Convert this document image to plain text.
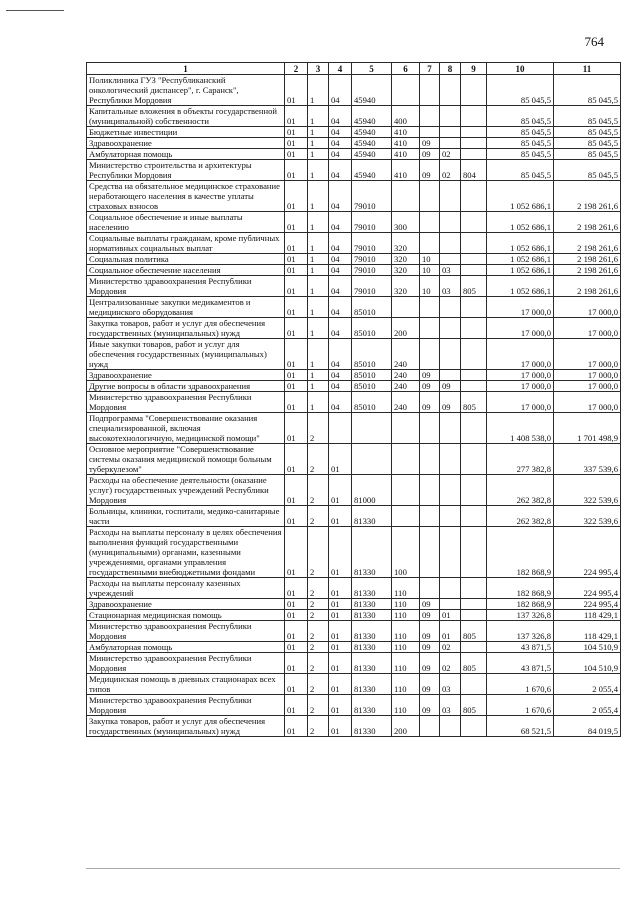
764
1	2	3	4	5	6	7	8	9	10	11
Поликлиника ГУЗ "Республиканский онкологический диспансер", г. Саранск", Республики Мордовия	01	1	04	45940					85 045,5	85 045,5
Капитальные вложения в объекты государственной (муниципальной) собственности	01	1	04	45940	400				85 045,5	85 045,5
Бюджетные инвестиции	01	1	04	45940	410				85 045,5	85 045,5
Здравоохранение	01	1	04	45940	410	09			85 045,5	85 045,5
Амбулаторная помощь	01	1	04	45940	410	09	02		85 045,5	85 045,5
Министерство строительства и архитектуры Республики Мордовия	01	1	04	45940	410	09	02	804	85 045,5	85 045,5
Средства на обязательное медицинское страхование неработающего населения в качестве уплаты страховых взносов	01	1	04	79010					1 052 686,1	2 198 261,6
Социальное обеспечение и иные выплаты населению	01	1	04	79010	300				1 052 686,1	2 198 261,6
Социальные выплаты гражданам, кроме публичных нормативных социальных выплат	01	1	04	79010	320				1 052 686,1	2 198 261,6
Социальная политика	01	1	04	79010	320	10			1 052 686,1	2 198 261,6
Социальное обеспечение населения	01	1	04	79010	320	10	03		1 052 686,1	2 198 261,6
Министерство здравоохранения Республики Мордовия	01	1	04	79010	320	10	03	805	1 052 686,1	2 198 261,6
Централизованные закупки медикаментов и медицинского оборудования	01	1	04	85010					17 000,0	17 000,0
Закупка товаров, работ и услуг для обеспечения государственных (муниципальных) нужд	01	1	04	85010	200				17 000,0	17 000,0
Иные закупки товаров, работ и услуг для обеспечения государственных (муниципальных) нужд	01	1	04	85010	240				17 000,0	17 000,0
Здравоохранение	01	1	04	85010	240	09			17 000,0	17 000,0
Другие вопросы в области здравоохранения	01	1	04	85010	240	09	09		17 000,0	17 000,0
Министерство здравоохранения Республики Мордовия	01	1	04	85010	240	09	09	805	17 000,0	17 000,0
Подпрограмма "Совершенствование оказания специализированной, включая высокотехнологичную, медицинской помощи"	01	2							1 408 538,0	1 701 498,9
Основное мероприятие "Совершенствование системы оказания медицинской помощи больным туберкулезом"	01	2	01						277 382,8	337 539,6
Расходы на обеспечение деятельности (оказание услуг) государственных учреждений Республики Мордовия	01	2	01	81000					262 382,8	322 539,6
Больницы, клиники, госпитали, медико-санитарные части	01	2	01	81330					262 382,8	322 539,6
Расходы на выплаты персоналу в целях обеспечения выполнения функций государственными (муниципальными) органами, казенными учреждениями, органами управления государственными внебюджетными фондами	01	2	01	81330	100				182 868,9	224 995,4
Расходы на выплаты персоналу казенных учреждений	01	2	01	81330	110				182 868,9	224 995,4
Здравоохранение	01	2	01	81330	110	09			182 868,9	224 995,4
Стационарная медицинская помощь	01	2	01	81330	110	09	01		137 326,8	118 429,1
Министерство здравоохранения Республики Мордовия	01	2	01	81330	110	09	01	805	137 326,8	118 429,1
Амбулаторная помощь	01	2	01	81330	110	09	02		43 871,5	104 510,9
Министерство здравоохранения Республики Мордовия	01	2	01	81330	110	09	02	805	43 871,5	104 510,9
Медицинская помощь в дневных стационарах всех типов	01	2	01	81330	110	09	03		1 670,6	2 055,4
Министерство здравоохранения Республики Мордовия	01	2	01	81330	110	09	03	805	1 670,6	2 055,4
Закупка товаров, работ и услуг для обеспечения государственных (муниципальных) нужд	01	2	01	81330	200				68 521,5	84 019,5
